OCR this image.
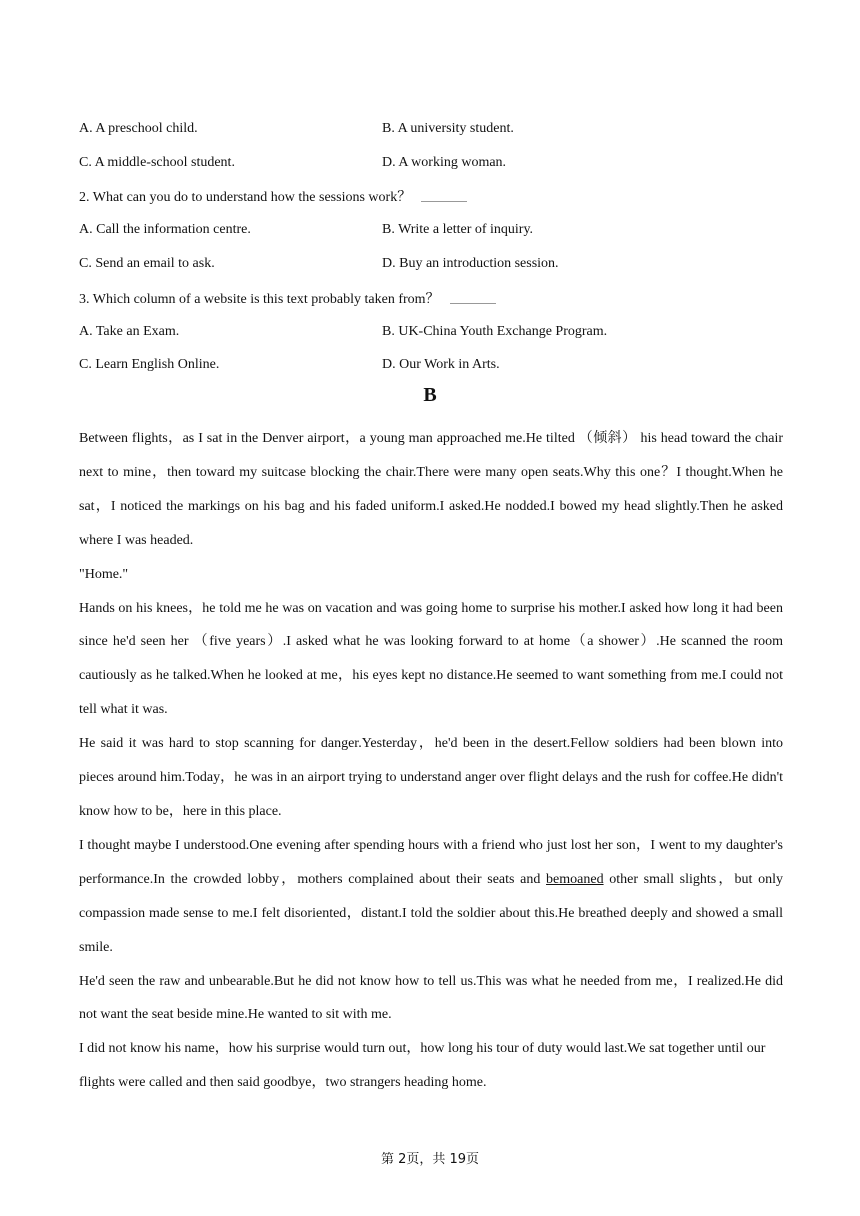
A. A preschool child.	B. A university student.
C. A middle-school student.	D. A working woman.
2. What can you do to understand how the sessions work？
A. Call the information centre.	B. Write a letter of inquiry.
C. Send an email to ask.	D. Buy an introduction session.
3. Which column of a website is this text probably taken from？
A. Take an Exam.	B. UK-China Youth Exchange Program.
C. Learn English Online.	D. Our Work in Arts.
B

Between flights，as I sat in the Denver airport，a young man approached me.He tilted （倾斜） his head toward the chair next to mine，then toward my suitcase blocking the chair.There were many open seats.Why this one？I thought.When he sat，I noticed the markings on his bag and his faded uniform.I asked.He nodded.I bowed my head slightly.Then he asked where I was headed.

"Home."

Hands on his knees，he told me he was on vacation and was going home to surprise his mother.I asked how long it had been since he'd seen her （five years）.I asked what he was looking forward to at home（a shower）.He scanned the room cautiously as he talked.When he looked at me，his eyes kept no distance.He seemed to want something from me.I could not tell what it was.

He said it was hard to stop scanning for danger.Yesterday，he'd been in the desert.Fellow soldiers had been blown into pieces around him.Today，he was in an airport trying to understand anger over flight delays and the rush for coffee.He didn't know how to be，here in this place.

I thought maybe I understood.One evening after spending hours with a friend who just lost her son，I went to my daughter's performance.In the crowded lobby，mothers complained about their seats and bemoaned other small slights，but only compassion made sense to me.I felt disoriented，distant.I told the soldier about this.He breathed deeply and showed a small smile.

He'd seen the raw and unbearable.But he did not know how to tell us.This was what he needed from me，I realized.He did not want the seat beside mine.He wanted to sit with me.

I did not know his name，how his surprise would turn out，how long his tour of duty would last.We sat together until our flights were called and then said goodbye，two strangers heading home.

第 2页，共 19页
